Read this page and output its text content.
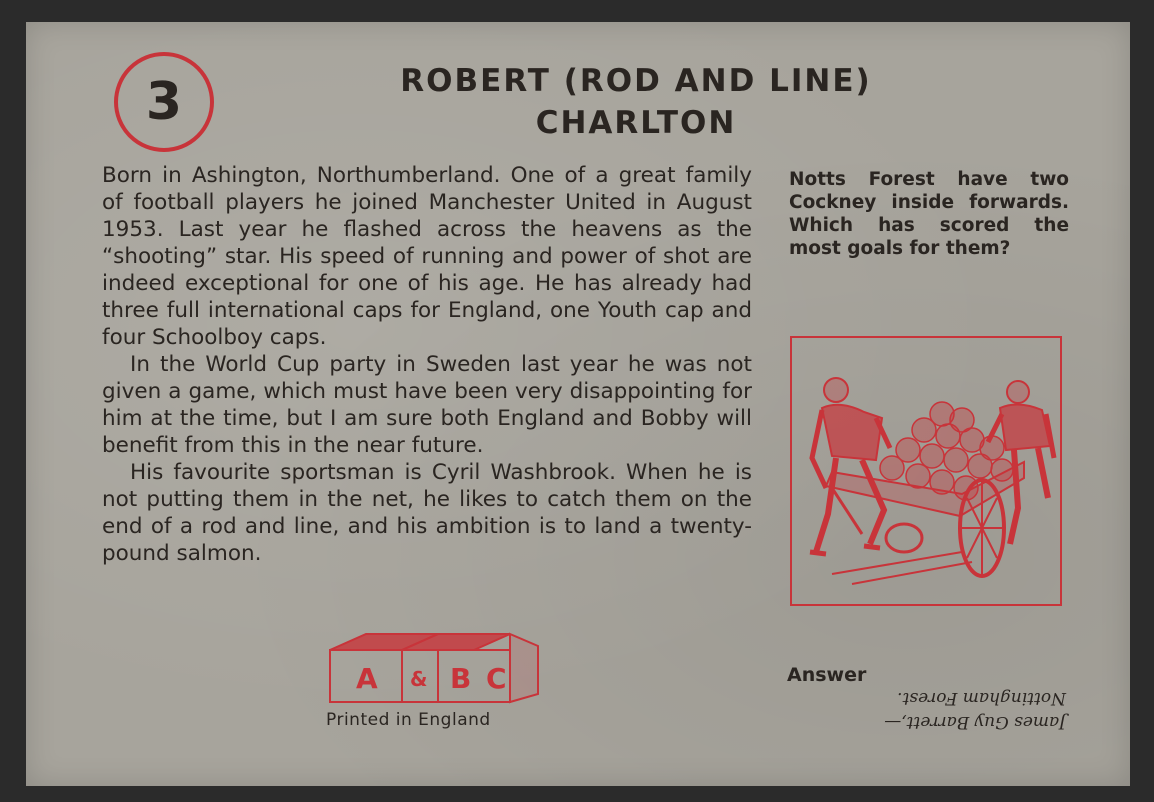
3	ROBERT (ROD AND LINE)
CHARLTON

Born in Ashington, Northumberland. One of a great family of football players he joined Manchester United in August 1953. Last year he flashed across the heavens as the “shooting” star. His speed of running and power of shot are indeed exceptional for one of his age. He has already had three full international caps for England, one Youth cap and four Schoolboy caps.

In the World Cup party in Sweden last year he was not given a game, which must have been very disappointing for him at the time, but I am sure both England and Bobby will benefit from this in the near future.

His favourite sportsman is Cyril Washbrook. When he is not putting them in the net, he likes to catch them on the end of a rod and line, and his ambition is to land a twenty-pound salmon.

Notts Forest have two Cockney inside forwards. Which has scored the most goals for them?
A & B C
Printed in England
Answer
James Guy Barrett,— Nottingham Forest.
